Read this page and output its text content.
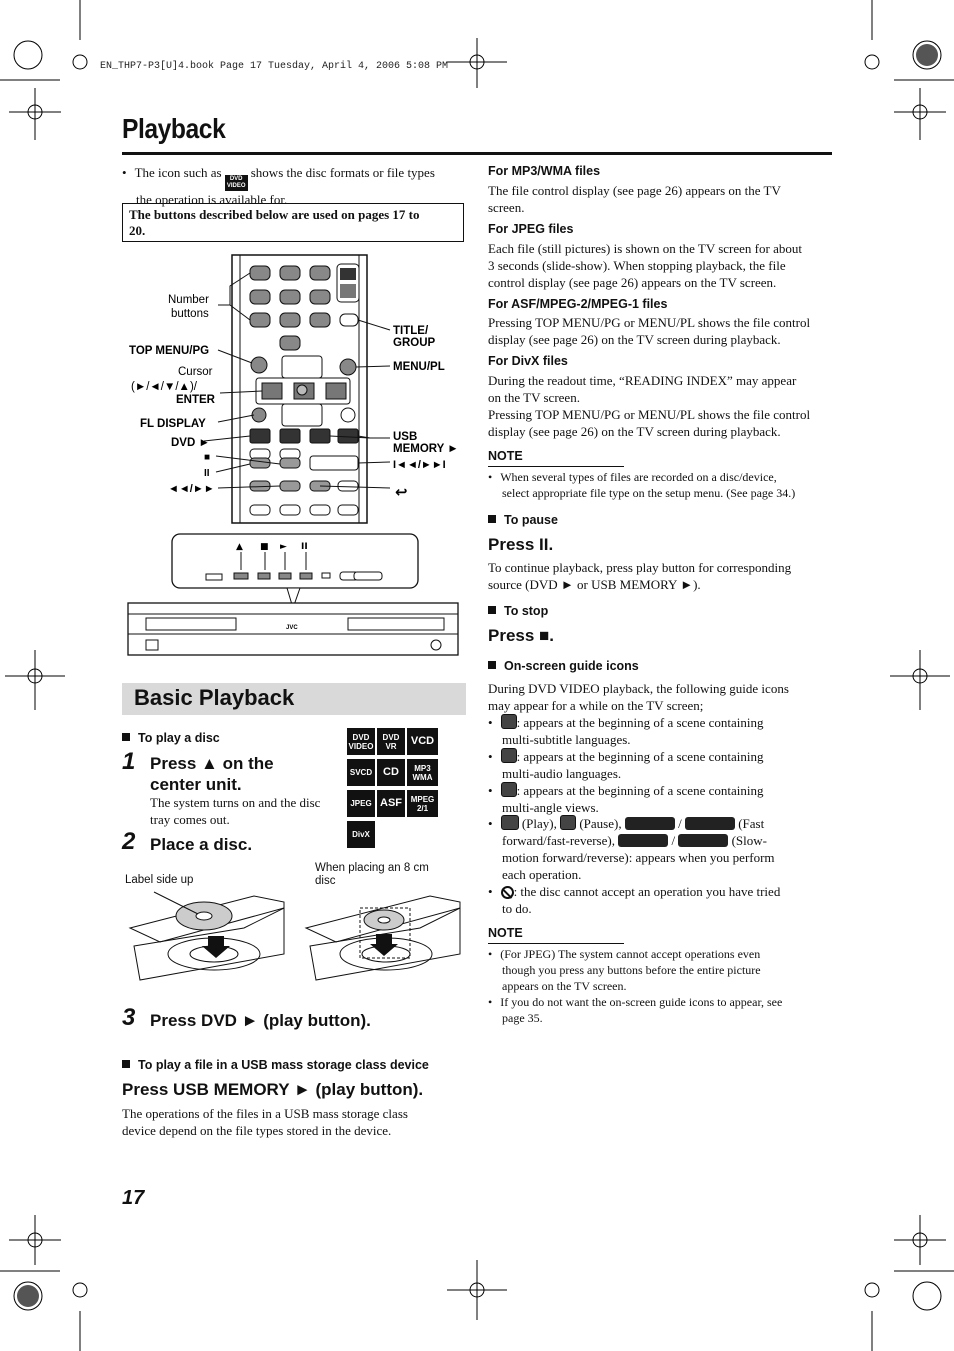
EN_THP7-P3[U]4.book Page 17 Tuesday, April 4, 2006 5:08 PM
Playback
• The icon such as	DVD
VIDEO
shows the disc formats or file types
the operation is available for.
The buttons described below are used on pages 17 to
20.
Number
buttons
TOP MENU/PG
Cursor
(►/◄/▼/▲)/
ENTER
FL DISPLAY
DVD ►
■
II
◄◄/►►
TITLE/
GROUP
MENU/PL
USB
MEMORY ►
I◄◄/►►I
↩
▲ ■ ► II
JVC
Basic Playback
To play a disc
1 Press ▲ on the
center unit.
The system turns on and the disc
tray comes out.
DVD
VIDEO
DVD
VR VCD
SVCD CD MP3
WMA
JPEG ASF MPEG
2/1
DivX
2 Place a disc.
Label side up
When placing an 8 cm
disc
3 Press DVD ► (play button).
To play a file in a USB mass storage class device
Press USB MEMORY ► (play button).
The operations of the files in a USB mass storage class
device depend on the file types stored in the device.
17
For MP3/WMA files
The file control display (see page 26) appears on the TV
screen.
For JPEG files
Each file (still pictures) is shown on the TV screen for about
3 seconds (slide-show). When stopping playback, the file
control display (see page 26) appears on the TV screen.
For ASF/MPEG-2/MPEG-1 files
Pressing TOP MENU/PG or MENU/PL shows the file control
display (see page 26) on the TV screen during playback.
For DivX files
During the readout time, “READING INDEX” may appear
on the TV screen.
Pressing TOP MENU/PG or MENU/PL shows the file control
display (see page 26) on the TV screen during playback.
NOTE
• When several types of files are recorded on a disc/device,
select appropriate file type on the setup menu. (See page 34.)
To pause
Press II.
To continue playback, press play button for corresponding
source (DVD ► or USB MEMORY ►).
To stop
Press ■.
On-screen guide icons
During DVD VIDEO playback, the following guide icons
may appear for a while on the TV screen;
• : appears at the beginning of a scene containing
multi-subtitle languages.
• : appears at the beginning of a scene containing
multi-audio languages.
• : appears at the beginning of a scene containing
multi-angle views.
• (Play), (Pause),	/	(Fast
forward/fast-reverse),	/	(Slow-
motion forward/reverse): appears when you perform
each operation.
• : the disc cannot accept an operation you have tried
to do.
NOTE
• (For JPEG) The system cannot accept operations even
though you press any buttons before the entire picture
appears on the TV screen.
• If you do not want the on-screen guide icons to appear, see
page 35.
